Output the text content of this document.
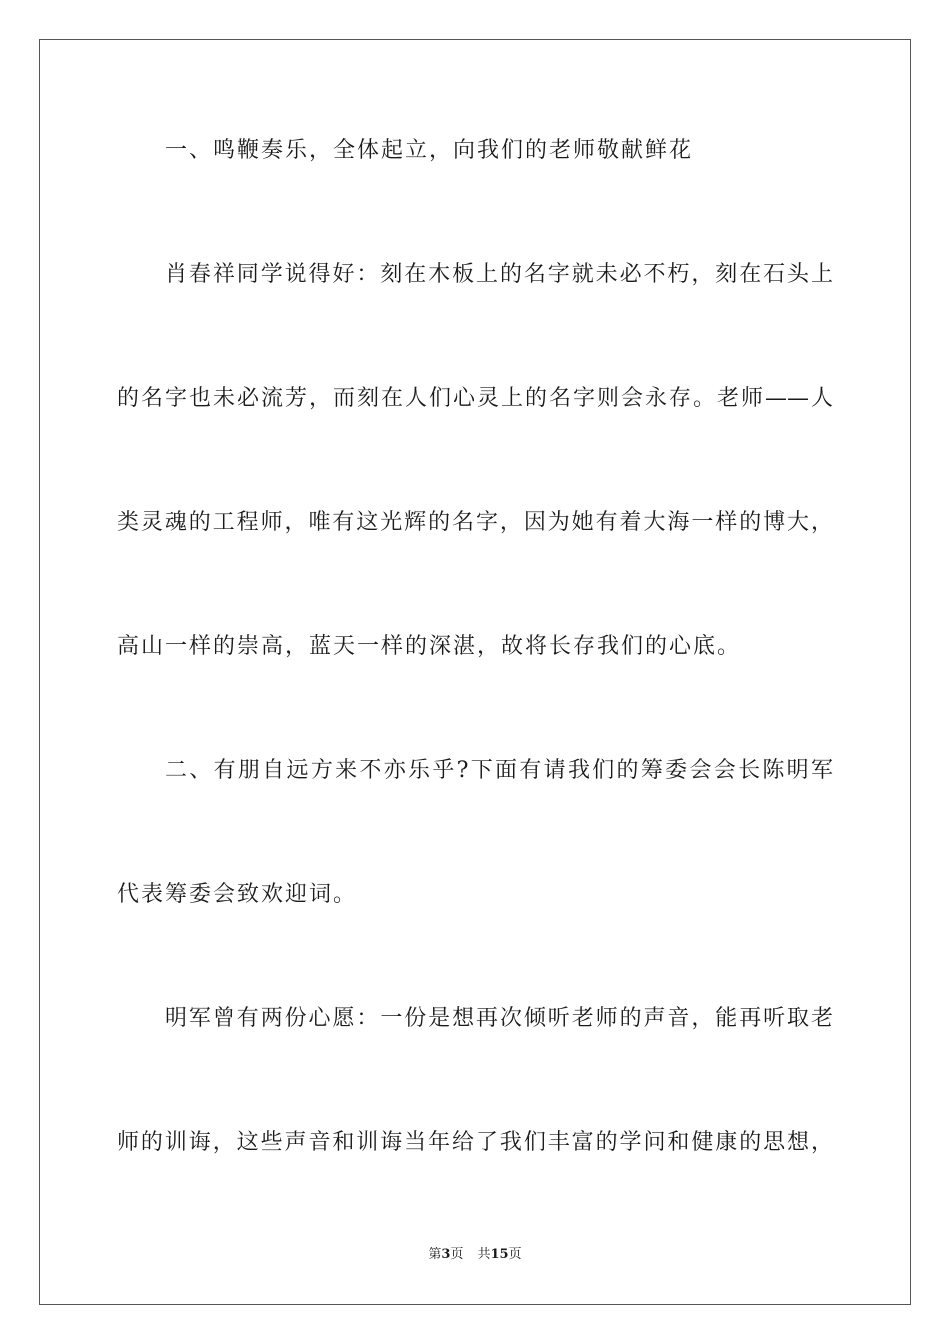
一、鸣鞭奏乐，全体起立，向我们的老师敬献鲜花
肖春祥同学说得好：刻在木板上的名字就未必不朽，刻在石头上
的名字也未必流芳，而刻在人们心灵上的名字则会永存。老师——人
类灵魂的工程师，唯有这光辉的名字，因为她有着大海一样的博大，
高山一样的崇高，蓝天一样的深湛，故将长存我们的心底。
二、有朋自远方来不亦乐乎?下面有请我们的筹委会会长陈明军
代表筹委会致欢迎词。
明军曾有两份心愿：一份是想再次倾听老师的声音，能再听取老
师的训诲，这些声音和训诲当年给了我们丰富的学问和健康的思想，
第3页 共15页
